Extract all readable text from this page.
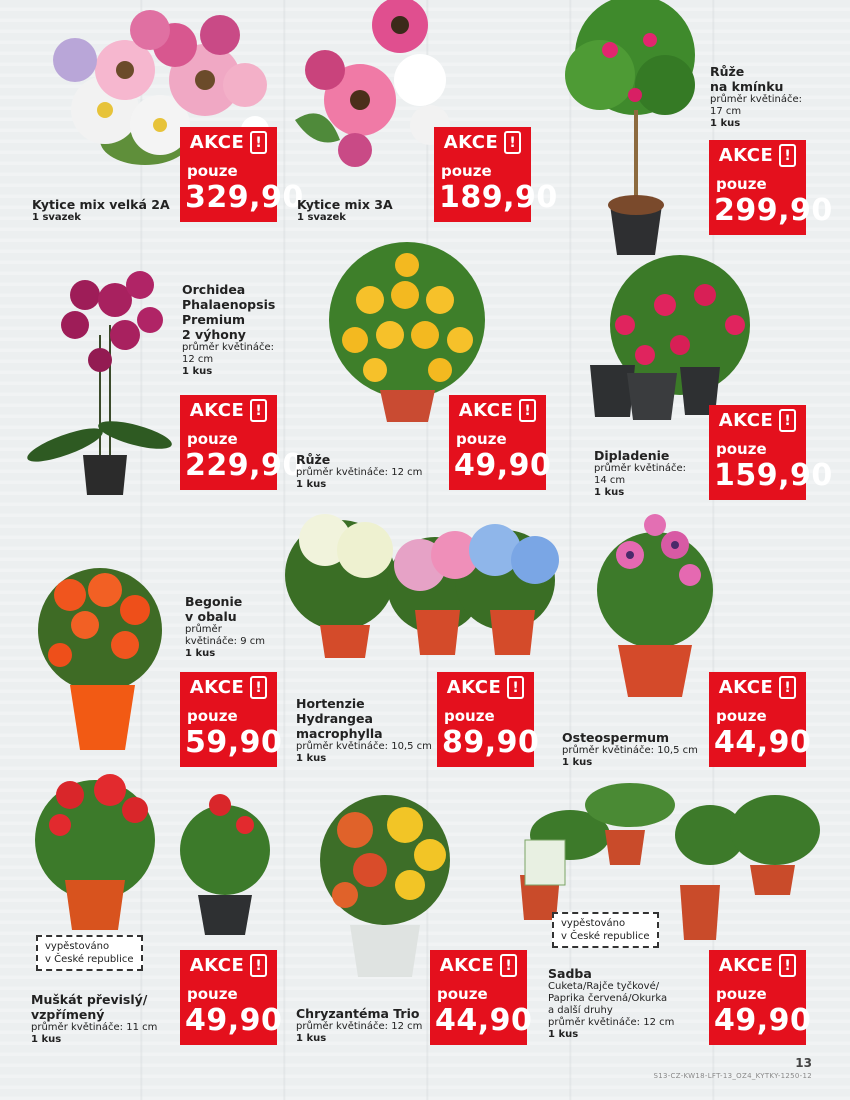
Kytice mix velká 2A

1 svazek

AKCE !
pouze
329,90

Kytice mix 3A

1 svazek

AKCE !
pouze
189,90

Růže

na kmínku

průměr květináče:

17 cm

1 kus

AKCE !
pouze
299,90

Orchidea

Phalaenopsis

Premium

2 výhony

průměr květináče:

12 cm

1 kus

AKCE !
pouze
229,90

Růže

průměr květináče: 12 cm

1 kus

AKCE !
pouze
49,90	Dipladenie

průměr květináče:

14 cm

1 kus

AKCE !
pouze
159,90

Begonie

v obalu

průměr

květináče: 9 cm

1 kus

AKCE !
pouze
59,90

Hortenzie

Hydrangea

macrophylla

průměr květináče: 10,5 cm

1 kus

AKCE !
pouze
89,90 Osteospermum

průměr květináče: 10,5 cm

1 kus

AKCE !
pouze
44,90
vypěstováno
v České republice

Muškát převislý/

vzpřímený

průměr květináče: 11 cm

1 kus

AKCE !
pouze
49,90 Chryzantéma Trio

průměr květináče: 12 cm

1 kus

AKCE !
pouze
44,90
vypěstováno
v České republice

Sadba

Cuketa/Rajče tyčkové/

Paprika červená/Okurka

a další druhy

průměr květináče: 12 cm

1 kus

AKCE !
pouze
49,90
13
S13-CZ-KW18-LFT-13_OZ4_KYTKY-1250-12
